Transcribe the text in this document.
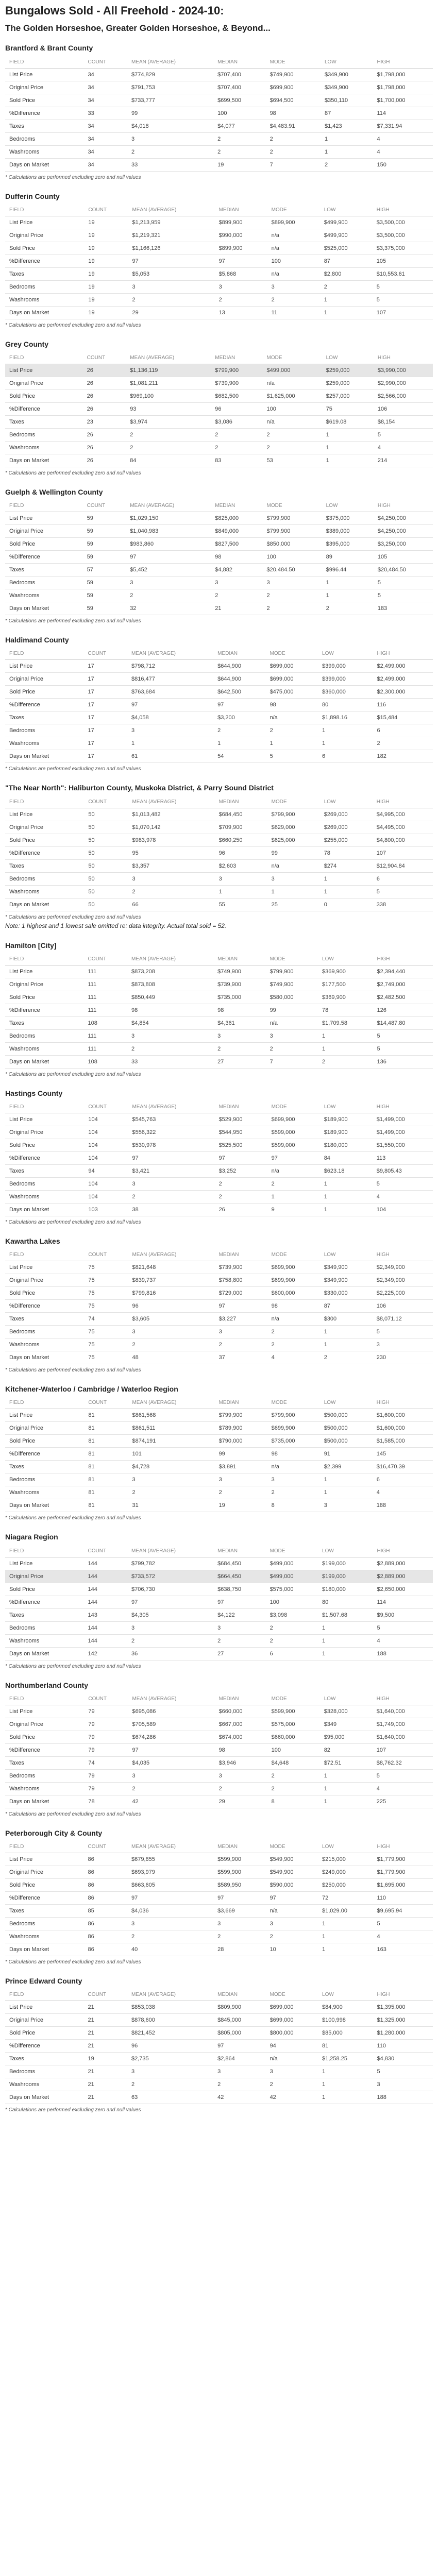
Bungalows Sold - All Freehold - 2024-10:
The Golden Horseshoe, Greater Golden Horseshoe, & Beyond...
Brantford & Brant County
FIELD	COUNT	MEAN (AVERAGE)	MEDIAN	MODE	LOW	HIGH
List Price	34	$774,829	$707,400	$749,900	$349,900	$1,798,000
Original Price	34	$791,753	$707,400	$699,900	$349,900	$1,798,000
Sold Price	34	$733,777	$699,500	$694,500	$350,110	$1,700,000
%Difference	33	99	100	98	87	114
Taxes	34	$4,018	$4,077	$4,483.91	$1,423	$7,331.94
Bedrooms	34	3	2	2	1	4
Washrooms	34	2	2	2	1	4
Days on Market	34	33	19	7	2	150
* Calculations are performed excluding zero and null values
Dufferin County
FIELD	COUNT	MEAN (AVERAGE)	MEDIAN	MODE	LOW	HIGH
List Price	19	$1,213,959	$899,900	$899,900	$499,900	$3,500,000
Original Price	19	$1,219,321	$990,000	n/a	$499,900	$3,500,000
Sold Price	19	$1,166,126	$899,900	n/a	$525,000	$3,375,000
%Difference	19	97	97	100	87	105
Taxes	19	$5,053	$5,868	n/a	$2,800	$10,553.61
Bedrooms	19	3	3	3	2	5
Washrooms	19	2	2	2	1	5
Days on Market	19	29	13	11	1	107
* Calculations are performed excluding zero and null values
Grey County
FIELD	COUNT	MEAN (AVERAGE)	MEDIAN	MODE	LOW	HIGH
List Price	26	$1,136,119	$799,900	$499,000	$259,000	$3,990,000
Original Price	26	$1,081,211	$739,900	n/a	$259,000	$2,990,000
Sold Price	26	$969,100	$682,500	$1,625,000	$257,000	$2,566,000
%Difference	26	93	96	100	75	106
Taxes	23	$3,974	$3,086	n/a	$619.08	$8,154
Bedrooms	26	2	2	2	1	5
Washrooms	26	2	2	2	1	4
Days on Market	26	84	83	53	1	214
* Calculations are performed excluding zero and null values
Guelph & Wellington County
FIELD	COUNT	MEAN (AVERAGE)	MEDIAN	MODE	LOW	HIGH
List Price	59	$1,029,150	$825,000	$799,900	$375,000	$4,250,000
Original Price	59	$1,040,983	$849,000	$799,900	$389,000	$4,250,000
Sold Price	59	$983,860	$827,500	$850,000	$395,000	$3,250,000
%Difference	59	97	98	100	89	105
Taxes	57	$5,452	$4,882	$20,484.50	$996.44	$20,484.50
Bedrooms	59	3	3	3	1	5
Washrooms	59	2	2	2	1	5
Days on Market	59	32	21	2	2	183
* Calculations are performed excluding zero and null values
Haldimand County
FIELD	COUNT	MEAN (AVERAGE)	MEDIAN	MODE	LOW	HIGH
List Price	17	$798,712	$644,900	$699,000	$399,000	$2,499,000
Original Price	17	$816,477	$644,900	$699,000	$399,000	$2,499,000
Sold Price	17	$763,684	$642,500	$475,000	$360,000	$2,300,000
%Difference	17	97	97	98	80	116
Taxes	17	$4,058	$3,200	n/a	$1,898.16	$15,484
Bedrooms	17	3	2	2	1	6
Washrooms	17	1	1	1	1	2
Days on Market	17	61	54	5	6	182
* Calculations are performed excluding zero and null values
"The Near North": Haliburton County, Muskoka District, & Parry Sound District
FIELD	COUNT	MEAN (AVERAGE)	MEDIAN	MODE	LOW	HIGH
List Price	50	$1,013,482	$684,450	$799,900	$269,000	$4,995,000
Original Price	50	$1,070,142	$709,900	$629,000	$269,000	$4,495,000
Sold Price	50	$983,978	$660,250	$625,000	$255,000	$4,800,000
%Difference	50	95	96	99	78	107
Taxes	50	$3,357	$2,603	n/a	$274	$12,904.84
Bedrooms	50	3	3	3	1	6
Washrooms	50	2	1	1	1	5
Days on Market	50	66	55	25	0	338
* Calculations are performed excluding zero and null values
Note: 1 highest and 1 lowest sale omitted re: data integrity. Actual total sold = 52.
Hamilton [City]
FIELD	COUNT	MEAN (AVERAGE)	MEDIAN	MODE	LOW	HIGH
List Price	111	$873,208	$749,900	$799,900	$369,900	$2,394,440
Original Price	111	$873,808	$739,900	$749,900	$177,500	$2,749,000
Sold Price	111	$850,449	$735,000	$580,000	$369,900	$2,482,500
%Difference	111	98	98	99	78	126
Taxes	108	$4,854	$4,361	n/a	$1,709.58	$14,487.80
Bedrooms	111	3	3	3	1	5
Washrooms	111	2	2	2	1	5
Days on Market	108	33	27	7	2	136
* Calculations are performed excluding zero and null values
Hastings County
FIELD	COUNT	MEAN (AVERAGE)	MEDIAN	MODE	LOW	HIGH
List Price	104	$545,763	$529,900	$699,900	$189,900	$1,499,000
Original Price	104	$556,322	$544,950	$599,000	$189,900	$1,499,000
Sold Price	104	$530,978	$525,500	$599,000	$180,000	$1,550,000
%Difference	104	97	97	97	84	113
Taxes	94	$3,421	$3,252	n/a	$623.18	$9,805.43
Bedrooms	104	3	2	2	1	5
Washrooms	104	2	2	1	1	4
Days on Market	103	38	26	9	1	104
* Calculations are performed excluding zero and null values
Kawartha Lakes
FIELD	COUNT	MEAN (AVERAGE)	MEDIAN	MODE	LOW	HIGH
List Price	75	$821,648	$739,900	$699,900	$349,900	$2,349,900
Original Price	75	$839,737	$758,800	$699,900	$349,900	$2,349,900
Sold Price	75	$799,816	$729,000	$600,000	$330,000	$2,225,000
%Difference	75	96	97	98	87	106
Taxes	74	$3,605	$3,227	n/a	$300	$8,071.12
Bedrooms	75	3	3	2	1	5
Washrooms	75	2	2	2	1	3
Days on Market	75	48	37	4	2	230
* Calculations are performed excluding zero and null values
Kitchener-Waterloo / Cambridge / Waterloo Region
FIELD	COUNT	MEAN (AVERAGE)	MEDIAN	MODE	LOW	HIGH
List Price	81	$861,568	$799,900	$799,900	$500,000	$1,600,000
Original Price	81	$861,511	$789,900	$699,900	$500,000	$1,600,000
Sold Price	81	$874,191	$790,000	$735,000	$500,000	$1,585,000
%Difference	81	101	99	98	91	145
Taxes	81	$4,728	$3,891	n/a	$2,399	$16,470.39
Bedrooms	81	3	3	3	1	6
Washrooms	81	2	2	2	1	4
Days on Market	81	31	19	8	3	188
* Calculations are performed excluding zero and null values
Niagara Region
FIELD	COUNT	MEAN (AVERAGE)	MEDIAN	MODE	LOW	HIGH
List Price	144	$799,782	$684,450	$499,000	$199,000	$2,889,000
Original Price	144	$733,572	$664,450	$499,000	$199,000	$2,889,000
Sold Price	144	$706,730	$638,750	$575,000	$180,000	$2,650,000
%Difference	144	97	97	100	80	114
Taxes	143	$4,305	$4,122	$3,098	$1,507.68	$9,500
Bedrooms	144	3	3	2	1	5
Washrooms	144	2	2	2	1	4
Days on Market	142	36	27	6	1	188
* Calculations are performed excluding zero and null values
Northumberland County
FIELD	COUNT	MEAN (AVERAGE)	MEDIAN	MODE	LOW	HIGH
List Price	79	$695,086	$660,000	$599,900	$328,000	$1,640,000
Original Price	79	$705,589	$667,000	$575,000	$349	$1,749,000
Sold Price	79	$674,286	$674,000	$660,000	$95,000	$1,640,000
%Difference	79	97	98	100	82	107
Taxes	74	$4,035	$3,946	$4,648	$72.51	$8,762.32
Bedrooms	79	3	3	2	1	5
Washrooms	79	2	2	2	1	4
Days on Market	78	42	29	8	1	225
* Calculations are performed excluding zero and null values
Peterborough City & County
FIELD	COUNT	MEAN (AVERAGE)	MEDIAN	MODE	LOW	HIGH
List Price	86	$679,855	$599,900	$549,900	$215,000	$1,779,900
Original Price	86	$693,979	$599,900	$549,900	$249,000	$1,779,900
Sold Price	86	$663,605	$589,950	$590,000	$250,000	$1,695,000
%Difference	86	97	97	97	72	110
Taxes	85	$4,036	$3,669	n/a	$1,029.00	$9,695.94
Bedrooms	86	3	3	3	1	5
Washrooms	86	2	2	2	1	4
Days on Market	86	40	28	10	1	163
* Calculations are performed excluding zero and null values
Prince Edward County
FIELD	COUNT	MEAN (AVERAGE)	MEDIAN	MODE	LOW	HIGH
List Price	21	$853,038	$809,900	$699,000	$84,900	$1,395,000
Original Price	21	$878,600	$845,000	$699,000	$100,998	$1,325,000
Sold Price	21	$821,452	$805,000	$800,000	$85,000	$1,280,000
%Difference	21	96	97	94	81	110
Taxes	19	$2,735	$2,864	n/a	$1,258.25	$4,830
Bedrooms	21	3	3	3	1	5
Washrooms	21	2	2	2	1	3
Days on Market	21	63	42	42	1	188
* Calculations are performed excluding zero and null values
